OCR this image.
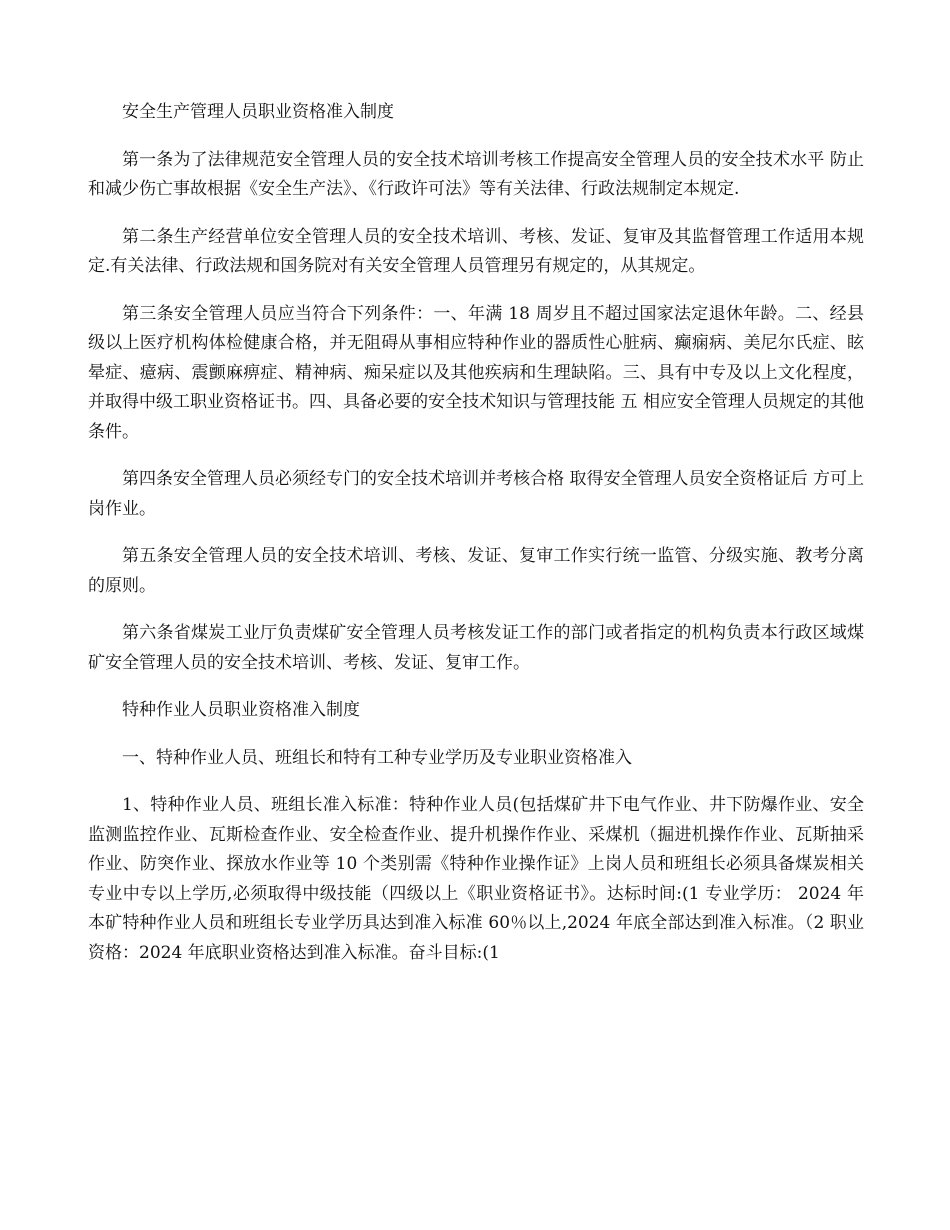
安全生产管理人员职业资格准入制度

第一条为了法律规范安全管理人员的安全技术培训考核工作提高安全管理人员的安全技术水平 防止和减少伤亡事故根据《安全生产法》、《行政许可法》等有关法律、行政法规制定本规定.

第二条生产经营单位安全管理人员的安全技术培训、考核、发证、复审及其监督管理工作适用本规定.有关法律、行政法规和国务院对有关安全管理人员管理另有规定的，从其规定。

第三条安全管理人员应当符合下列条件：一、年满 18 周岁且不超过国家法定退休年龄。二、经县级以上医疗机构体检健康合格，并无阻碍从事相应特种作业的器质性心脏病、癫痫病、美尼尔氏症、眩晕症、癔病、震颤麻痹症、精神病、痴呆症以及其他疾病和生理缺陷。三、具有中专及以上文化程度，并取得中级工职业资格证书。四、具备必要的安全技术知识与管理技能 五 相应安全管理人员规定的其他条件。

第四条安全管理人员必须经专门的安全技术培训并考核合格 取得安全管理人员安全资格证后 方可上岗作业。

第五条安全管理人员的安全技术培训、考核、发证、复审工作实行统一监管、分级实施、教考分离的原则。

第六条省煤炭工业厅负责煤矿安全管理人员考核发证工作的部门或者指定的机构负责本行政区域煤矿安全管理人员的安全技术培训、考核、发证、复审工作。

特种作业人员职业资格准入制度

一、特种作业人员、班组长和特有工种专业学历及专业职业资格准入

1、特种作业人员、班组长准入标准：特种作业人员(包括煤矿井下电气作业、井下防爆作业、安全监测监控作业、瓦斯检查作业、安全检查作业、提升机操作作业、采煤机（掘进机操作作业、瓦斯抽采作业、防突作业、探放水作业等 10 个类别需《特种作业操作证》上岗人员和班组长必须具备煤炭相关专业中专以上学历,必须取得中级技能（四级以上《职业资格证书》。达标时间:(1 专业学历： 2024 年本矿特种作业人员和班组长专业学历具达到准入标准 60％以上,2024 年底全部达到准入标准。（2 职业资格：2024 年底职业资格达到准入标准。奋斗目标:(1
